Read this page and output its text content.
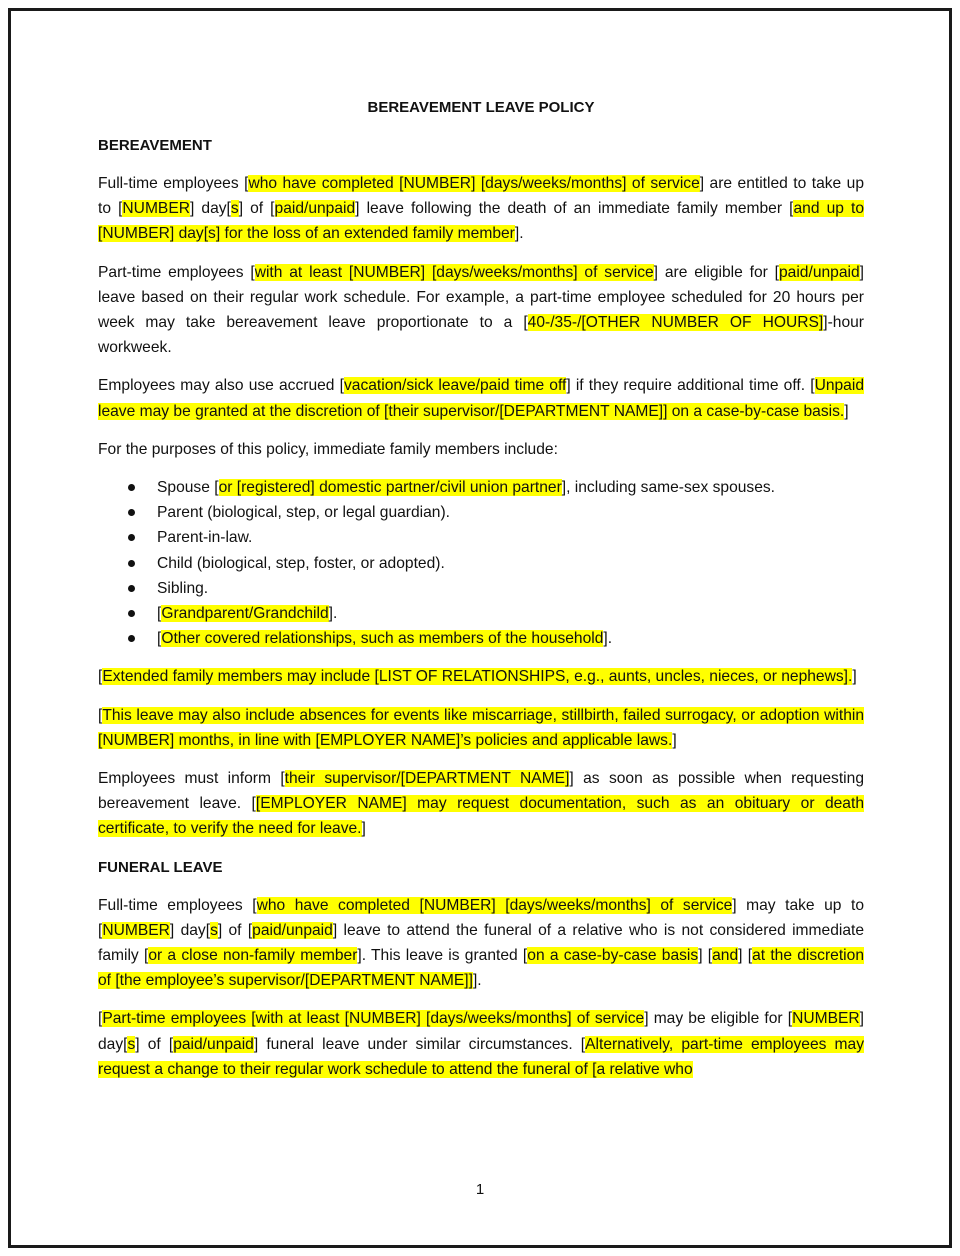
BEREAVEMENT LEAVE POLICY
BEREAVEMENT

Full-time employees [who have completed [NUMBER] [days/weeks/months] of service] are entitled to take up to [NUMBER] day[s] of [paid/unpaid] leave following the death of an immediate family member [and up to [NUMBER] day[s] for the loss of an extended family member].

Part-time employees [with at least [NUMBER] [days/weeks/months] of service] are eligible for [paid/unpaid] leave based on their regular work schedule. For example, a part-time employee scheduled for 20 hours per week may take bereavement leave proportionate to a [40-/35-/[OTHER NUMBER OF HOURS]]-hour workweek.

Employees may also use accrued [vacation/sick leave/paid time off] if they require additional time off. [Unpaid leave may be granted at the discretion of [their supervisor/[DEPARTMENT NAME]] on a case-by-case basis.]

For the purposes of this policy, immediate family members include:

Spouse [or [registered] domestic partner/civil union partner], including same-sex spouses.
Parent (biological, step, or legal guardian).
Parent-in-law.
Child (biological, step, foster, or adopted).
Sibling.
[Grandparent/Grandchild].
[Other covered relationships, such as members of the household].

[Extended family members may include [LIST OF RELATIONSHIPS, e.g., aunts, uncles, nieces, or nephews].]

[This leave may also include absences for events like miscarriage, stillbirth, failed surrogacy, or adoption within [NUMBER] months, in line with [EMPLOYER NAME]’s policies and applicable laws.]

Employees must inform [their supervisor/[DEPARTMENT NAME]] as soon as possible when requesting bereavement leave. [[EMPLOYER NAME] may request documentation, such as an obituary or death certificate, to verify the need for leave.]

FUNERAL LEAVE

Full-time employees [who have completed [NUMBER] [days/weeks/months] of service] may take up to [NUMBER] day[s] of [paid/unpaid] leave to attend the funeral of a relative who is not considered immediate family [or a close non-family member]. This leave is granted [on a case-by-case basis] [and] [at the discretion of [the employee’s supervisor/[DEPARTMENT NAME]]].

[Part-time employees [with at least [NUMBER] [days/weeks/months] of service] may be eligible for [NUMBER] day[s] of [paid/unpaid] funeral leave under similar circumstances. [Alternatively, part-time employees may request a change to their regular work schedule to attend the funeral of [a relative who

1
